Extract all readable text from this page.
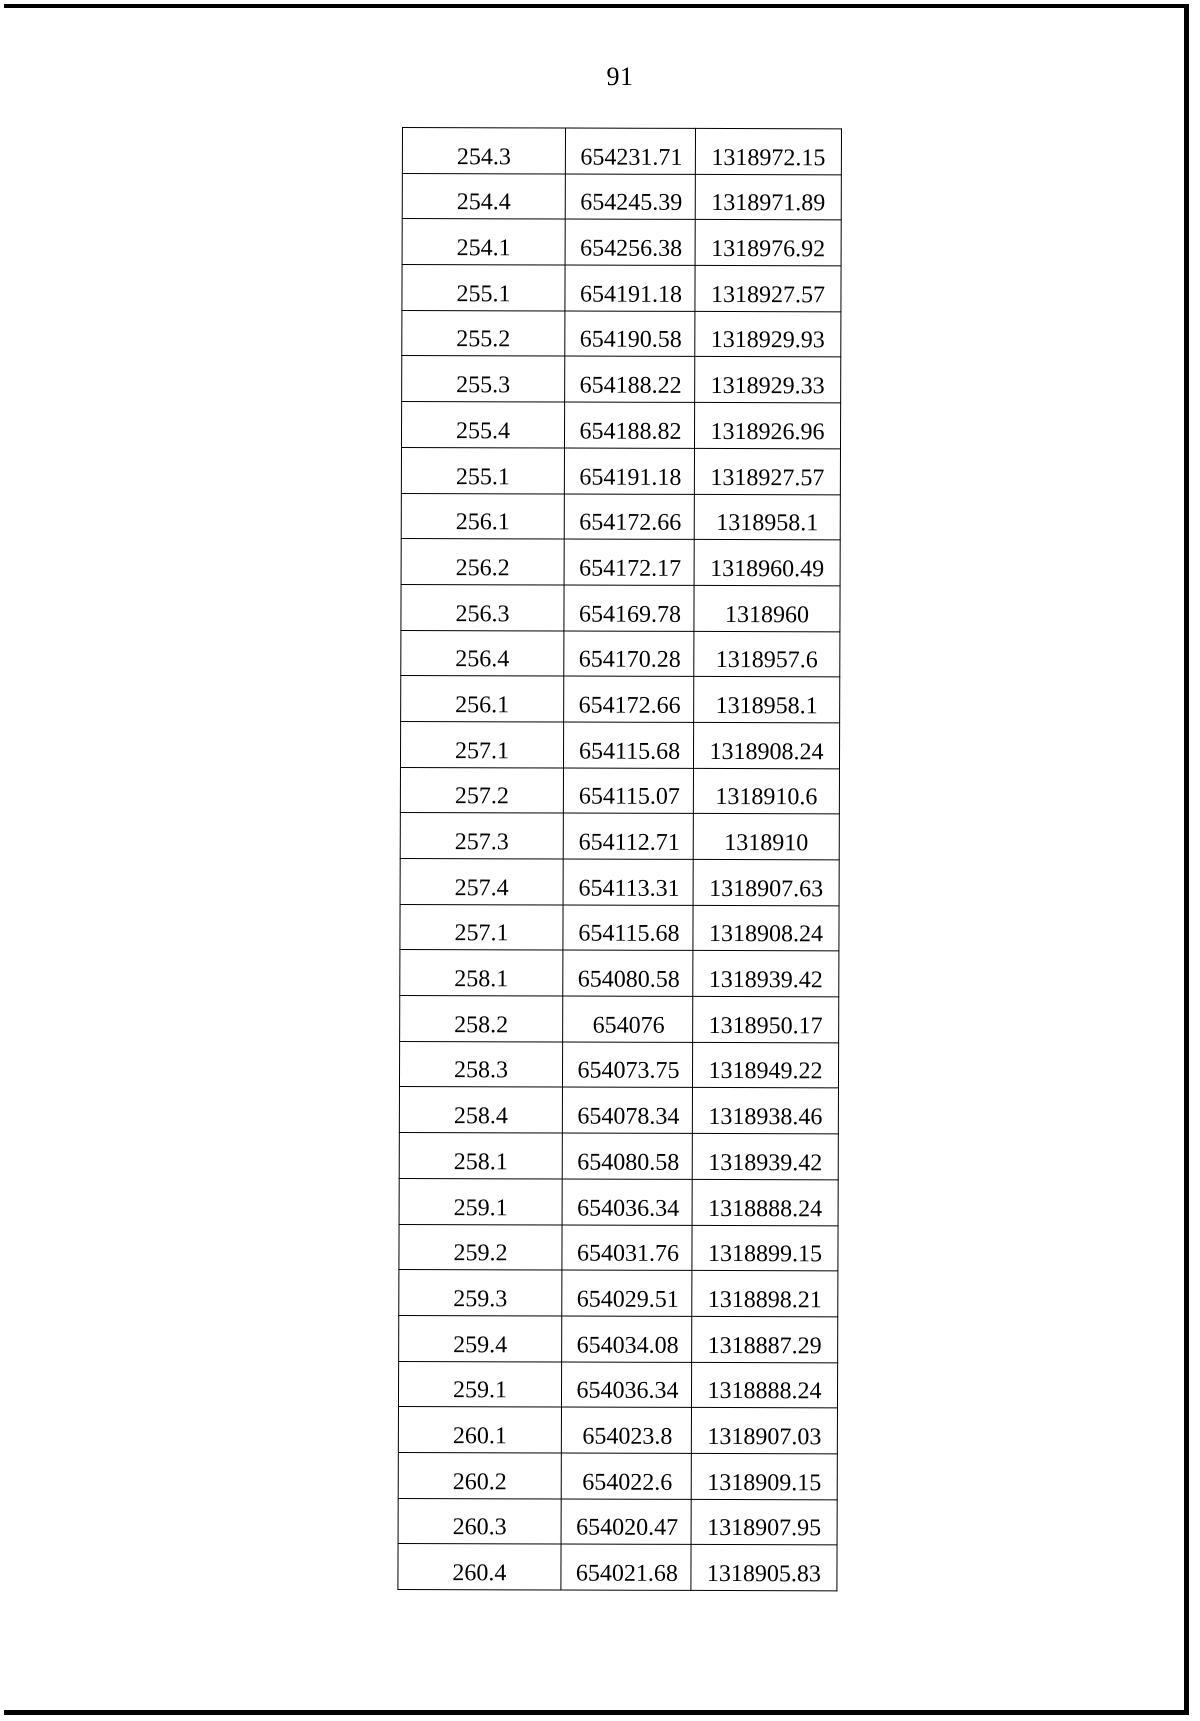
91
254.3	654231.71	1318972.15
254.4	654245.39	1318971.89
254.1	654256.38	1318976.92
255.1	654191.18	1318927.57
255.2	654190.58	1318929.93
255.3	654188.22	1318929.33
255.4	654188.82	1318926.96
255.1	654191.18	1318927.57
256.1	654172.66	1318958.1
256.2	654172.17	1318960.49
256.3	654169.78	1318960
256.4	654170.28	1318957.6
256.1	654172.66	1318958.1
257.1	654115.68	1318908.24
257.2	654115.07	1318910.6
257.3	654112.71	1318910
257.4	654113.31	1318907.63
257.1	654115.68	1318908.24
258.1	654080.58	1318939.42
258.2	654076	1318950.17
258.3	654073.75	1318949.22
258.4	654078.34	1318938.46
258.1	654080.58	1318939.42
259.1	654036.34	1318888.24
259.2	654031.76	1318899.15
259.3	654029.51	1318898.21
259.4	654034.08	1318887.29
259.1	654036.34	1318888.24
260.1	654023.8	1318907.03
260.2	654022.6	1318909.15
260.3	654020.47	1318907.95
260.4	654021.68	1318905.83
